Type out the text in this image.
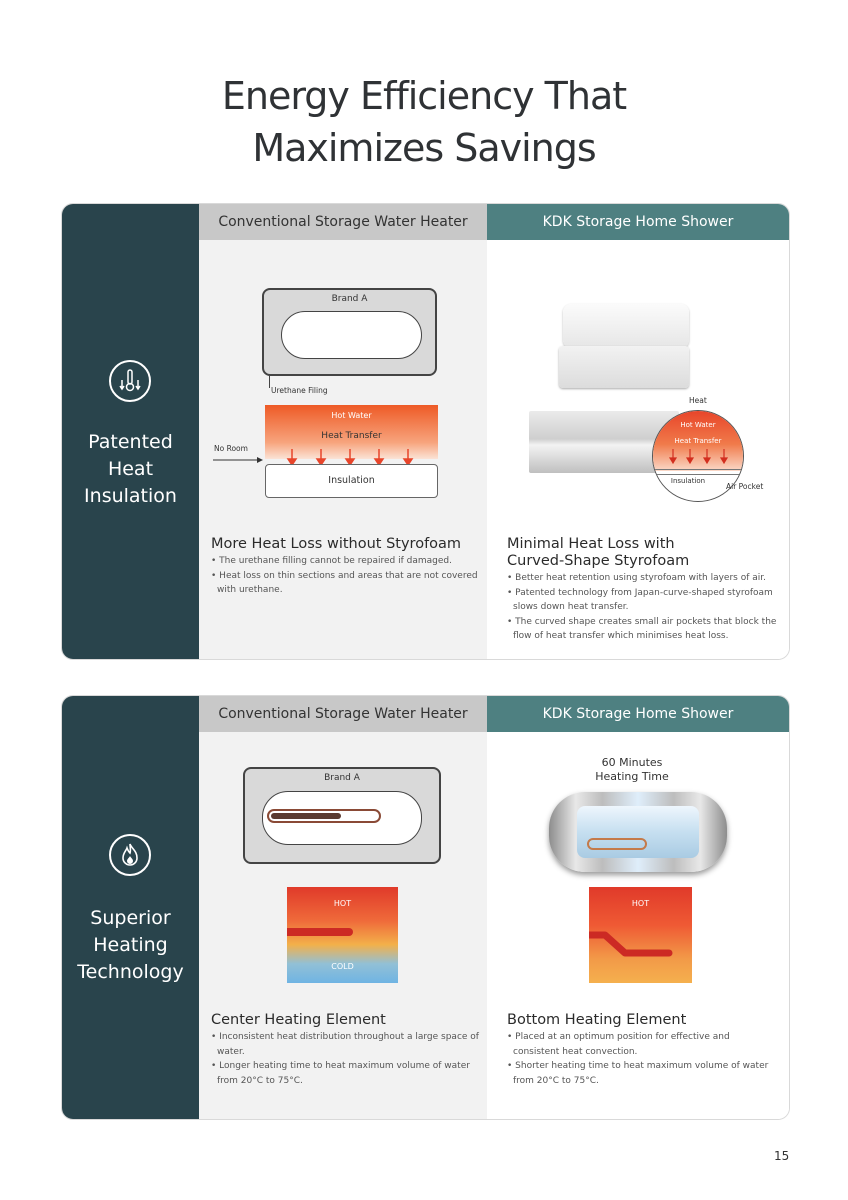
Energy Efficiency That
Maximizes Savings
Patented
Heat
Insulation
Conventional Storage Water Heater
Brand A
Urethane Filing
Hot Water
Heat Transfer
No Room
Insulation
More Heat Loss without Styrofoam
• The urethane filling cannot be repaired if damaged.
• Heat loss on thin sections and areas that are not covered with urethane.
KDK Storage Home Shower
Heat
Hot Water
Heat Transfer
Insulation
Air Pocket
Minimal Heat Loss with
Curved-Shape Styrofoam
• Better heat retention using styrofoam with layers of air.
• Patented technology from Japan-curve-shaped styrofoam slows down heat transfer.
• The curved shape creates small air pockets that block the flow of heat transfer which minimises heat loss.
Superior
Heating
Technology
Conventional Storage Water Heater
Brand A
HOT
COLD
Center Heating Element
• Inconsistent heat distribution throughout a large space of water.
• Longer heating time to heat maximum volume of water from 20°C to 75°C.
KDK Storage Home Shower
60 Minutes
Heating Time
HOT
Bottom Heating Element
• Placed at an optimum position for effective and consistent heat convection.
• Shorter heating time to heat maximum volume of water from 20°C to 75°C.
15
